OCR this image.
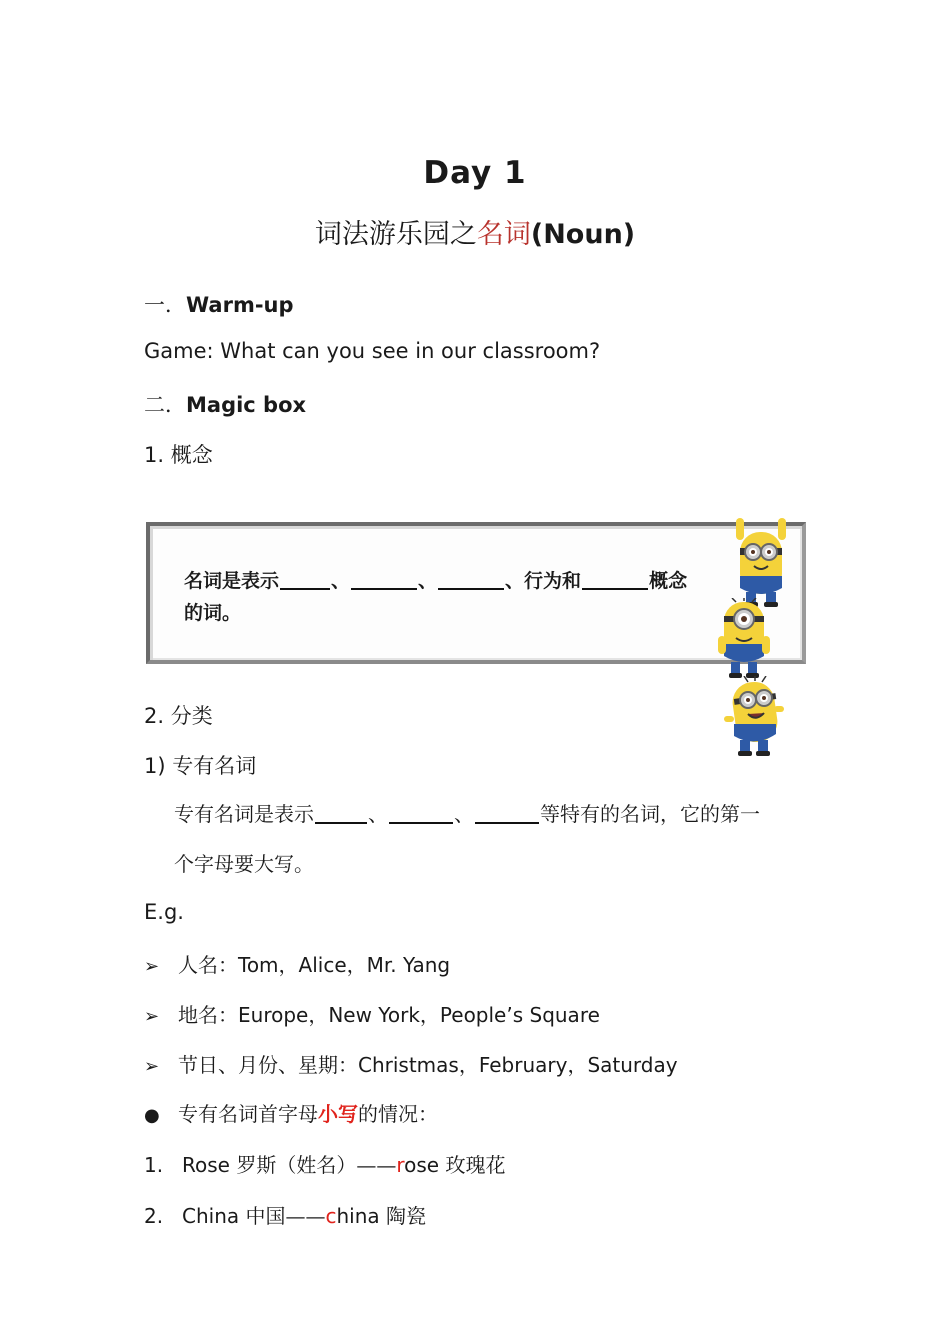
Day 1
词法游乐园之名词(Noun)
一．Warm-up
Game: What can you see in our classroom?
二．Magic box
1. 概念
名词是表示	、	、	、行为和	概念
的词。
2. 分类
1) 专有名词
专有名词是表示	、	、	等特有的名词，它的第一
个字母要大写。
E.g.
➢ 人名：Tom，Alice，Mr. Yang
➢ 地名：Europe，New York，People’s Square
➢ 节日、月份、星期：Christmas，February，Saturday
● 专有名词首字母小写的情况：
1. Rose 罗斯（姓名）——rose 玫瑰花
2. China 中国——china 陶瓷
